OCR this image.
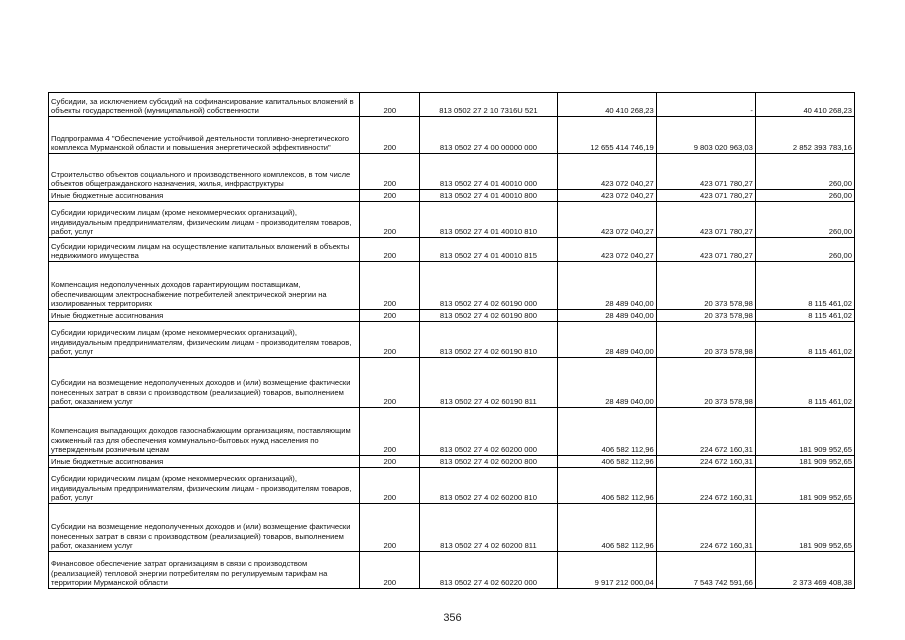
Субсидии, за исключением субсидий на софинансирование капитальных вложений в объекты государственной (муниципальной) собственности	200	813 0502 27 2 10 7316U 521	40 410 268,23	-	40 410 268,23
Подпрограмма 4 "Обеспечение устойчивой деятельности топливно-энергетического комплекса Мурманской области и повышения энергетической эффективности"	200	813 0502 27 4 00 00000 000	12 655 414 746,19	9 803 020 963,03	2 852 393 783,16
Строительство объектов социального и производственного комплексов, в том числе объектов общегражданского назначения, жилья, инфраструктуры	200	813 0502 27 4 01 40010 000	423 072 040,27	423 071 780,27	260,00
Иные бюджетные ассигнования	200	813 0502 27 4 01 40010 800	423 072 040,27	423 071 780,27	260,00
Субсидии юридическим лицам (кроме некоммерческих организаций), индивидуальным предпринимателям, физическим лицам - производителям товаров, работ, услуг	200	813 0502 27 4 01 40010 810	423 072 040,27	423 071 780,27	260,00
Субсидии юридическим лицам на осуществление капитальных вложений в объекты недвижимого имущества	200	813 0502 27 4 01 40010 815	423 072 040,27	423 071 780,27	260,00
Компенсация недополученных доходов гарантирующим поставщикам, обеспечивающим электроснабжение потребителей электрической энергии на изолированных территориях	200	813 0502 27 4 02 60190 000	28 489 040,00	20 373 578,98	8 115 461,02
Иные бюджетные ассигнования	200	813 0502 27 4 02 60190 800	28 489 040,00	20 373 578,98	8 115 461,02
Субсидии юридическим лицам (кроме некоммерческих организаций), индивидуальным предпринимателям, физическим лицам - производителям товаров, работ, услуг	200	813 0502 27 4 02 60190 810	28 489 040,00	20 373 578,98	8 115 461,02
Субсидии на возмещение недополученных доходов и (или) возмещение фактически понесенных затрат в связи с производством (реализацией) товаров, выполнением работ, оказанием услуг	200	813 0502 27 4 02 60190 811	28 489 040,00	20 373 578,98	8 115 461,02
Компенсация выпадающих доходов газоснабжающим организациям, поставляющим сжиженный газ для обеспечения коммунально-бытовых нужд населения по утвержденным розничным ценам	200	813 0502 27 4 02 60200 000	406 582 112,96	224 672 160,31	181 909 952,65
Иные бюджетные ассигнования	200	813 0502 27 4 02 60200 800	406 582 112,96	224 672 160,31	181 909 952,65
Субсидии юридическим лицам (кроме некоммерческих организаций), индивидуальным предпринимателям, физическим лицам - производителям товаров, работ, услуг	200	813 0502 27 4 02 60200 810	406 582 112,96	224 672 160,31	181 909 952,65
Субсидии на возмещение недополученных доходов и (или) возмещение фактически понесенных затрат в связи с производством (реализацией) товаров, выполнением работ, оказанием услуг	200	813 0502 27 4 02 60200 811	406 582 112,96	224 672 160,31	181 909 952,65
Финансовое обеспечение затрат организациям в связи с производством (реализацией) тепловой энергии потребителям по регулируемым тарифам на территории Мурманской области	200	813 0502 27 4 02 60220 000	9 917 212 000,04	7 543 742 591,66	2 373 469 408,38
356
